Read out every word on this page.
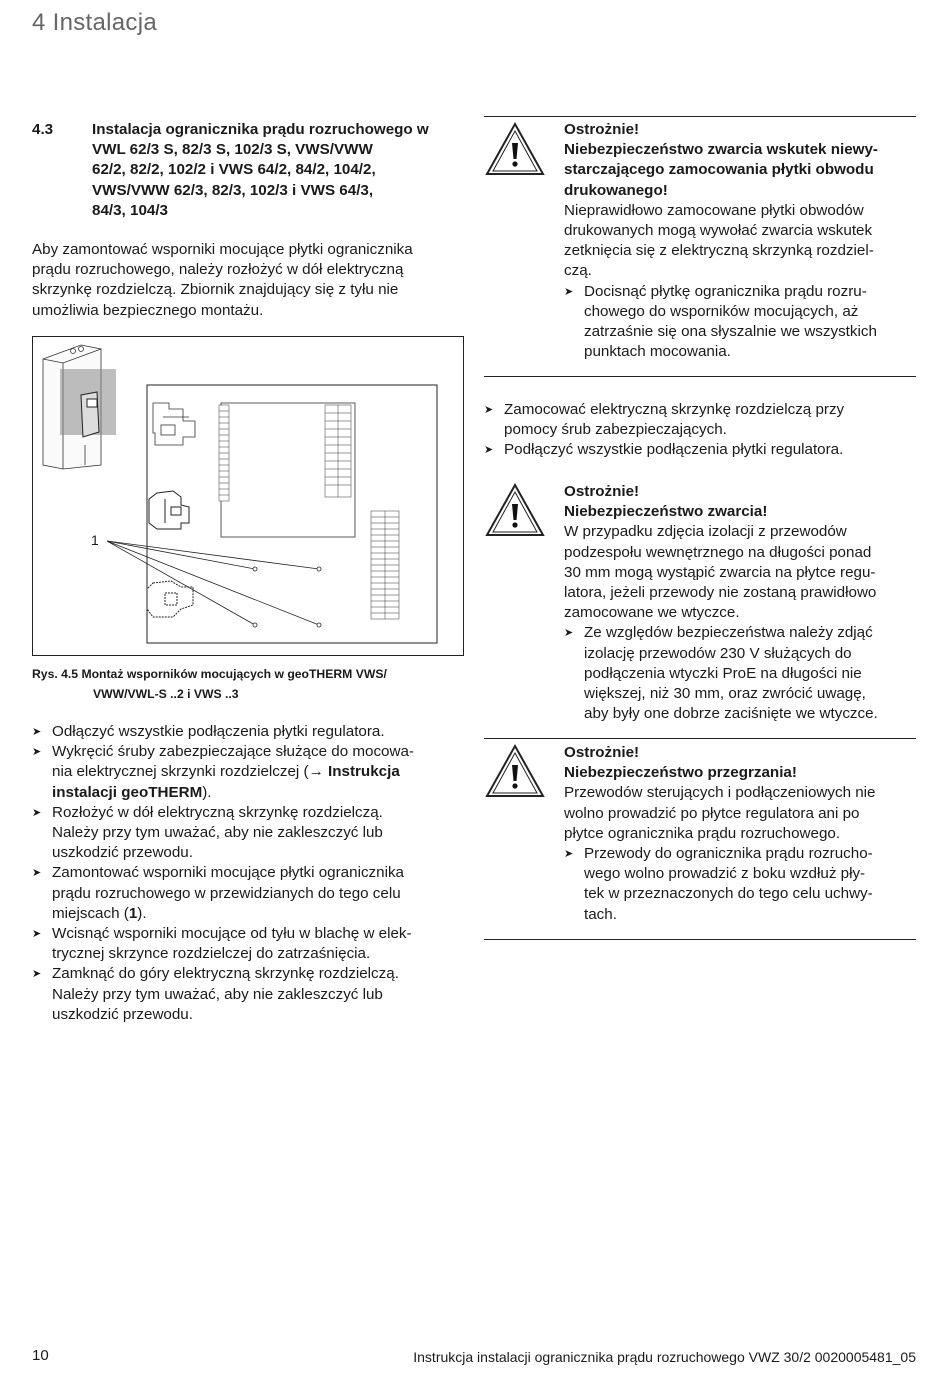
4 Instalacja
4.3	Instalacja ogranicznika prądu rozruchowego w
VWL 62/3 S, 82/3 S, 102/3 S, VWS/VWW
62/2, 82/2, 102/2 i VWS 64/2, 84/2, 104/2,
VWS/VWW 62/3, 82/3, 102/3 i VWS 64/3,
84/3, 104/3
Aby zamontować wsporniki mocujące płytki ogranicznika
prądu rozruchowego, należy rozłożyć w dół elektryczną
skrzynkę rozdzielczą. Zbiornik znajdujący się z tyłu nie
umożliwia bezpiecznego montażu.
1
Rys. 4.5 Montaż wsporników mocujących w geoTHERM VWS/
VWW/VWL-S ..2 i VWS ..3
➤ Odłączyć wszystkie podłączenia płytki regulatora.
➤ Wykręcić śruby zabezpieczające służące do mocowa-
nia elektrycznej skrzynki rozdzielczej (→ Instrukcja
instalacji geoTHERM).
➤ Rozłożyć w dół elektryczną skrzynkę rozdzielczą.
Należy przy tym uważać, aby nie zakleszczyć lub
uszkodzić przewodu.
➤ Zamontować wsporniki mocujące płytki ogranicznika
prądu rozruchowego w przewidzianych do tego celu
miejscach (1).
➤ Wcisnąć wsporniki mocujące od tyłu w blachę w elek-
trycznej skrzynce rozdzielczej do zatrzaśnięcia.
➤ Zamknąć do góry elektryczną skrzynkę rozdzielczą.
Należy przy tym uważać, aby nie zakleszczyć lub
uszkodzić przewodu.
Ostrożnie!
Niebezpieczeństwo zwarcia wskutek niewy-
starczającego zamocowania płytki obwodu
drukowanego!
Nieprawidłowo zamocowane płytki obwodów
drukowanych mogą wywołać zwarcia wskutek
zetknięcia się z elektryczną skrzynką rozdziel-
czą.
➤ Docisnąć płytkę ogranicznika prądu rozru-
chowego do wsporników mocujących, aż
zatrzaśnie się ona słyszalnie we wszystkich
punktach mocowania.
➤ Zamocować elektryczną skrzynkę rozdzielczą przy
pomocy śrub zabezpieczających.
➤ Podłączyć wszystkie podłączenia płytki regulatora.
Ostrożnie!
Niebezpieczeństwo zwarcia!
W przypadku zdjęcia izolacji z przewodów
podzespołu wewnętrznego na długości ponad
30 mm mogą wystąpić zwarcia na płytce regu-
latora, jeżeli przewody nie zostaną prawidłowo
zamocowane we wtyczce.
➤ Ze względów bezpieczeństwa należy zdjąć
izolację przewodów 230 V służących do
podłączenia wtyczki ProE na długości nie
większej, niż 30 mm, oraz zwrócić uwagę,
aby były one dobrze zaciśnięte we wtyczce.
Ostrożnie!
Niebezpieczeństwo przegrzania!
Przewodów sterujących i podłączeniowych nie
wolno prowadzić po płytce regulatora ani po
płytce ogranicznika prądu rozruchowego.
➤ Przewody do ogranicznika prądu rozrucho-
wego wolno prowadzić z boku wzdłuż pły-
tek w przeznaczonych do tego celu uchwy-
tach.
10	Instrukcja instalacji ogranicznika prądu rozruchowego VWZ 30/2 0020005481_05
